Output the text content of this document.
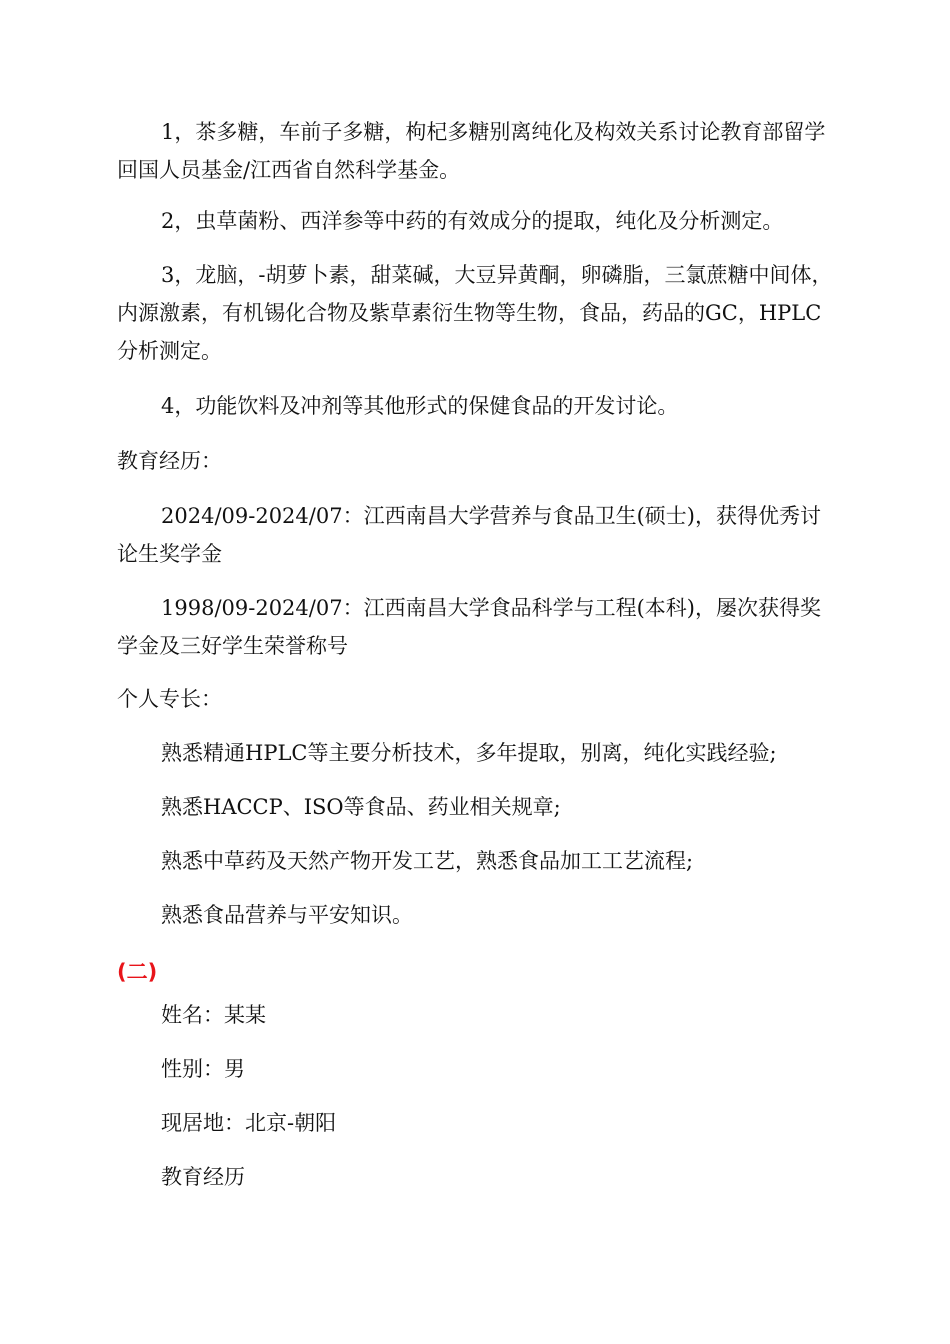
1，茶多糖，车前子多糖，枸杞多糖别离纯化及构效关系讨论教育部留学回国人员基金/江西省自然科学基金。

2，虫草菌粉、西洋参等中药的有效成分的提取，纯化及分析测定。

3，龙脑，-胡萝卜素，甜菜碱，大豆异黄酮，卵磷脂，三氯蔗糖中间体，内源激素，有机锡化合物及紫草素衍生物等生物，食品，药品的GC，HPLC分析测定。

4，功能饮料及冲剂等其他形式的保健食品的开发讨论。

教育经历：

2024/09-2024/07：江西南昌大学营养与食品卫生(硕士)，获得优秀讨论生奖学金

1998/09-2024/07：江西南昌大学食品科学与工程(本科)，屡次获得奖学金及三好学生荣誉称号

个人专长：

熟悉精通HPLC等主要分析技术，多年提取，别离，纯化实践经验;

熟悉HACCP、ISO等食品、药业相关规章;

熟悉中草药及天然产物开发工艺，熟悉食品加工工艺流程;

熟悉食品营养与平安知识。

(二)

姓名：某某

性别：男

现居地：北京-朝阳

教育经历
